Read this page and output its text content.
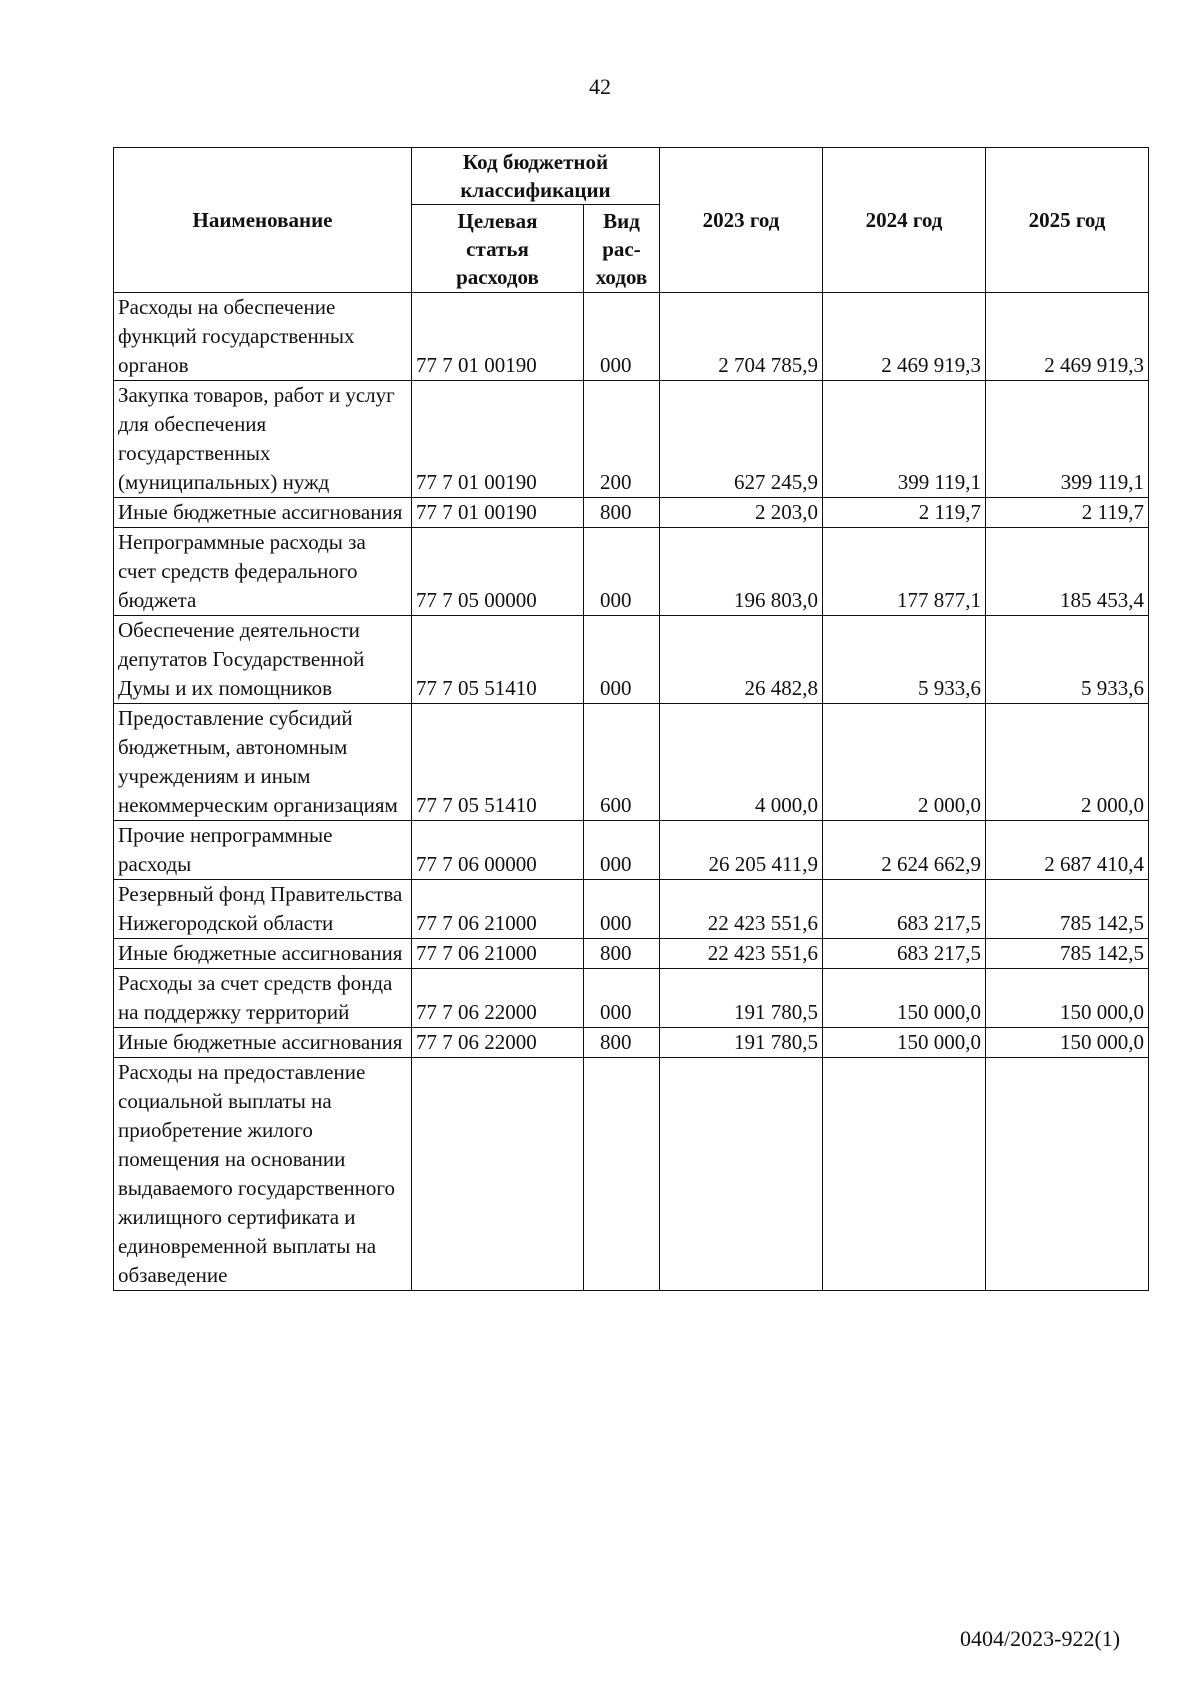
42
Наименование	Код бюджетной классификации		2023 год	2024 год	2025 год
	Целевая статья расходов	Вид рас-ходов			
Расходы на обеспечение функций государственных органов	77 7 01 00190	000	2 704 785,9	2 469 919,3	2 469 919,3
Закупка товаров, работ и услуг для обеспечения государственных (муниципальных) нужд	77 7 01 00190	200	627 245,9	399 119,1	399 119,1
Иные бюджетные ассигнования	77 7 01 00190	800	2 203,0	2 119,7	2 119,7
Непрограммные расходы за счет средств федерального бюджета	77 7 05 00000	000	196 803,0	177 877,1	185 453,4
Обеспечение деятельности депутатов Государственной Думы и их помощников	77 7 05 51410	000	26 482,8	5 933,6	5 933,6
Предоставление субсидий бюджетным, автономным учреждениям и иным некоммерческим организациям	77 7 05 51410	600	4 000,0	2 000,0	2 000,0
Прочие непрограммные расходы	77 7 06 00000	000	26 205 411,9	2 624 662,9	2 687 410,4
Резервный фонд Правительства Нижегородской области	77 7 06 21000	000	22 423 551,6	683 217,5	785 142,5
Иные бюджетные ассигнования	77 7 06 21000	800	22 423 551,6	683 217,5	785 142,5
Расходы за счет средств фонда на поддержку территорий	77 7 06 22000	000	191 780,5	150 000,0	150 000,0
Иные бюджетные ассигнования	77 7 06 22000	800	191 780,5	150 000,0	150 000,0
Расходы на предоставление социальной выплаты на приобретение жилого помещения на основании выдаваемого государственного жилищного сертификата и единовременной выплаты на обзаведение					
0404/2023-922(1)
